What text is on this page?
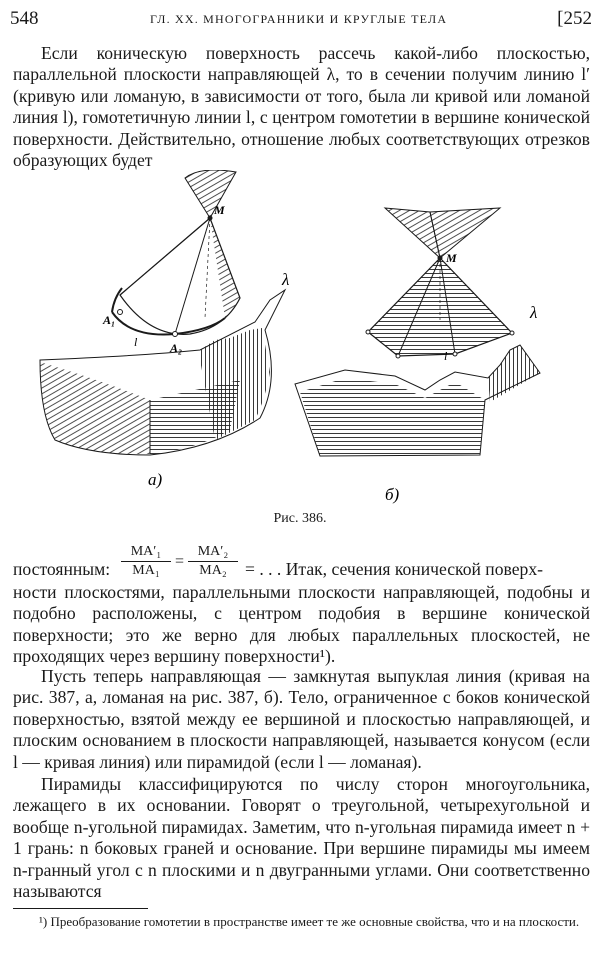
548	ГЛ. XX. МНОГОГРАННИКИ И КРУГЛЫЕ ТЕЛА	[252

Если коническую поверхность рассечь какой-либо плоскостью, параллельной плоскости направляющей λ, то в сечении получим линию l′ (кривую или ломаную, в зависимости от того, была ли кривой или ломаной линия l), гомотетичную линии l, с центром гомотетии в вершине конической поверхности. Действительно, отношение любых соответствующих отрезков образующих будет

M
A₁
l	A₂
λ
a)
M
l
λ
б)
Рис. 386.
постоянным: $\frac{\text{MA′₁}}{\text{MA₁}} = \frac{\text{MA′₂}}{\text{MA₂}}$ = . . . Итак, сечения конической поверх-

ности плоскостями, параллельными плоскости направляющей, подобны и подобно расположены, с центром подобия в вершине конической поверхности; это же верно для любых параллельных плоскостей, не проходящих через вершину поверхности¹).

Пусть теперь направляющая — замкнутая выпуклая линия (кривая на рис. 387, а, ломаная на рис. 387, б). Тело, ограниченное с боков конической поверхностью, взятой между ее вершиной и плоскостью направляющей, и плоским основанием в плоскости направляющей, называется конусом (если l — кривая линия) или пирамидой (если l — ломаная).

Пирамиды классифицируются по числу сторон многоугольника, лежащего в их основании. Говорят о треугольной, четырехугольной и вообще n-угольной пирамидах. Заметим, что n-угольная пирамида имеет n + 1 грань: n боковых граней и основание. При вершине пирамиды мы имеем n-гранный угол с n плоскими и n двугранными углами. Они соответственно называются

¹) Преобразование гомотетии в пространстве имеет те же основные свойства, что и на плоскости.
